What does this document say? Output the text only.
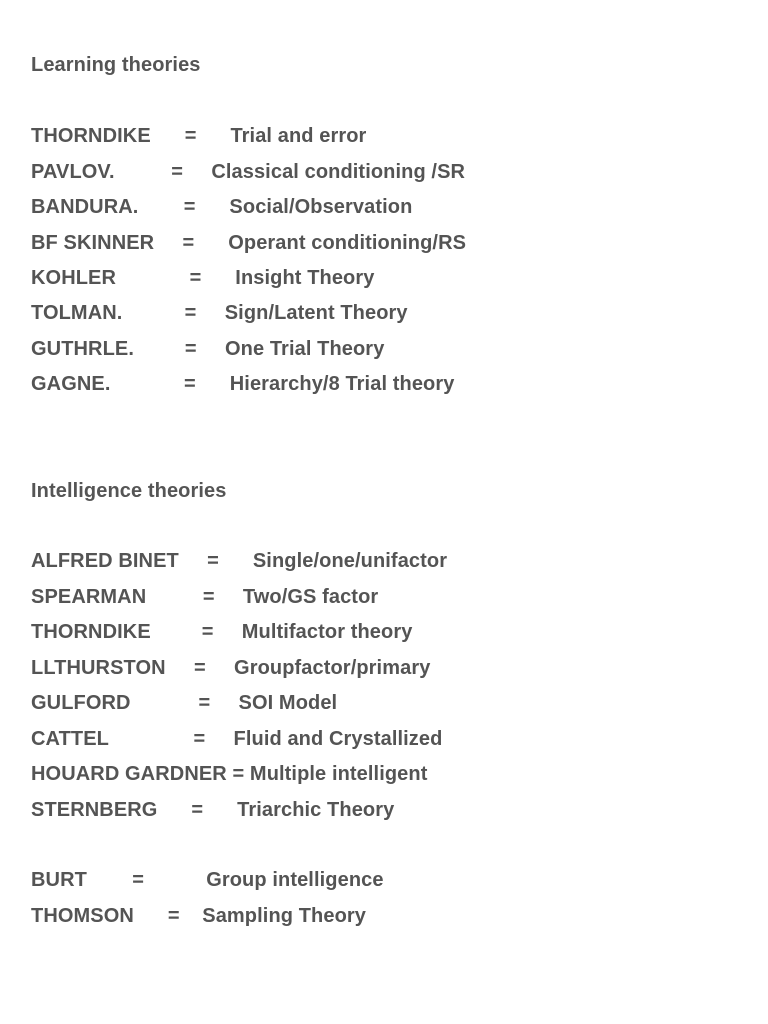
Learning theories
THORNDIKE      =      Trial and error
PAVLOV.          =     Classical conditioning /SR
BANDURA.        =      Social/Observation
BF SKINNER     =      Operant conditioning/RS
KOHLER             =      Insight Theory
TOLMAN.           =     Sign/Latent Theory
GUTHRLE.         =     One Trial Theory
GAGNE.             =      Hierarchy/8 Trial theory
Intelligence theories
ALFRED BINET     =      Single/one/unifactor
SPEARMAN          =     Two/GS factor
THORNDIKE         =     Multifactor theory
LLTHURSTON     =     Groupfactor/primary
GULFORD            =     SOI Model
CATTEL               =     Fluid and Crystallized
HOUARD GARDNER = Multiple intelligent
STERNBERG      =      Triarchic Theory
BURT        =           Group intelligence
THOMSON      =    Sampling Theory
